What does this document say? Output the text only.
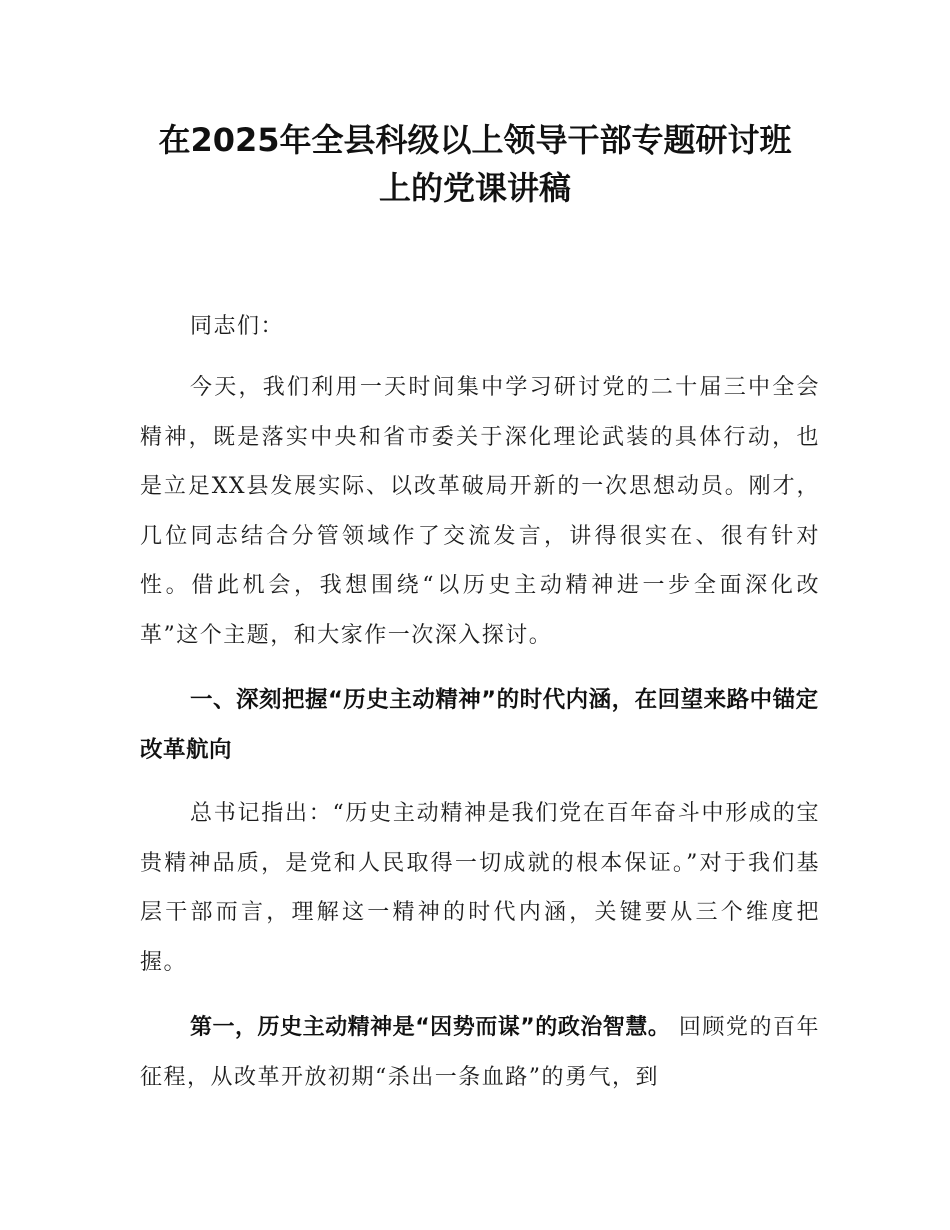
在2025年全县科级以上领导干部专题研讨班
上的党课讲稿

同志们：

今天，我们利用一天时间集中学习研讨党的二十届三中全会精神，既是落实中央和省市委关于深化理论武装的具体行动，也是立足XX县发展实际、以改革破局开新的一次思想动员。刚才，几位同志结合分管领域作了交流发言，讲得很实在、很有针对性。借此机会，我想围绕“以历史主动精神进一步全面深化改革”这个主题，和大家作一次深入探讨。

一、深刻把握“历史主动精神”的时代内涵，在回望来路中锚定改革航向

总书记指出：“历史主动精神是我们党在百年奋斗中形成的宝贵精神品质，是党和人民取得一切成就的根本保证。”对于我们基层干部而言，理解这一精神的时代内涵，关键要从三个维度把握。

第一，历史主动精神是“因势而谋”的政治智慧。 回顾党的百年征程，从改革开放初期“杀出一条血路”的勇气，到
